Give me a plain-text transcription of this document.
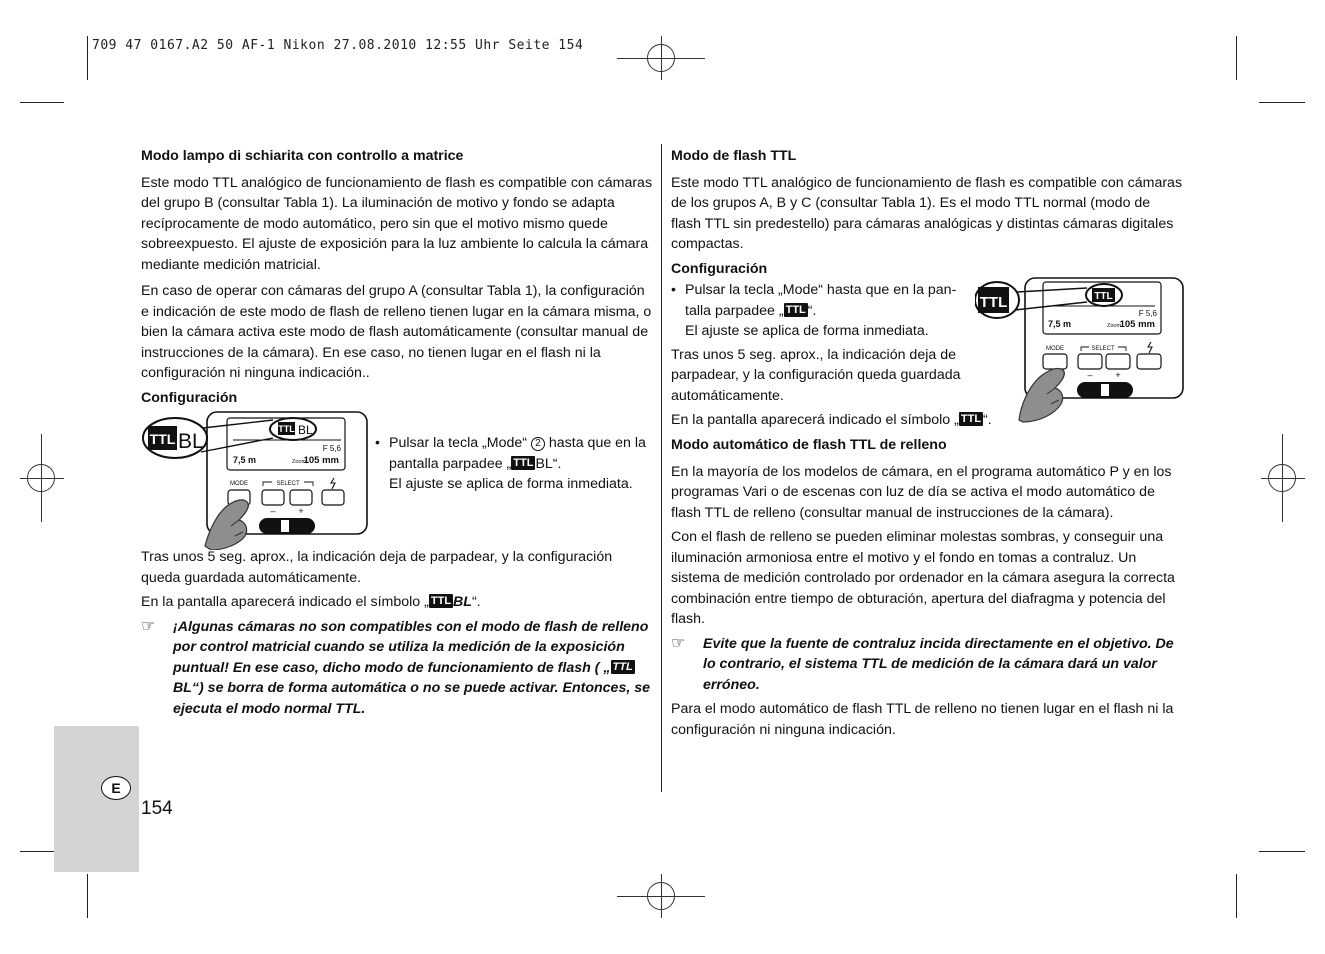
709 47 0167.A2 50 AF-1 Nikon 27.08.2010 12:55 Uhr Seite 154
E
154
Modo lampo di schiarita con controllo a matrice
Este modo TTL analógico de funcionamiento de flash es compatible con cámaras del grupo B (consultar Tabla 1). La iluminación de motivo y fondo se adapta recíprocamente de modo automático, pero sin que el motivo mismo quede sobreexpuesto. El ajuste de exposición para la luz ambiente lo calcula la cámara mediante medición matricial.
En caso de operar con cámaras del grupo A (consultar Tabla 1), la configuración e indicación de este modo de flash de relleno tienen lugar en la cámara misma, o bien la cámara activa este modo de flash automáticamente (consultar manual de instrucciones de la cámara). En ese caso, no tienen lugar en el flash ni la configuración ni ninguna indicación..
Configuración
TTL BL
F 5,6
7,5 m	Zoom
105 mm
MODE	SELECT
–	+
TTL BL	• Pulsar la tecla „Mode“ 2 hasta que en la pantalla parpadee „ TTL BL“.
El ajuste se aplica de forma inmediata.
Tras unos 5 seg. aprox., la indicación deja de parpadear, y la configuración queda guardada automáticamente.
En la pantalla aparecerá indicado el símbolo „ TTL BL“.
☞	¡Algunas cámaras no son compatibles con el modo de flash de relleno por control matricial cuando se utiliza la medición de la exposición puntual! En ese caso, dicho modo de funcionamiento de flash ( „ TTLBL“) se borra de forma automática o no se puede activar. Entonces, se ejecuta el modo normal TTL.
Modo de flash TTL
Este modo TTL analógico de funcionamiento de flash es compatible con cámaras de los grupos A, B y C (consultar Tabla 1). Es el modo TTL normal (modo de flash TTL sin predestello) para cámaras analógicas y distintas cámaras digitales compactas.
Configuración
• Pulsar la tecla „Mode“ hasta que en la pan-
talla parpadee „ TTL “.
El ajuste se aplica de forma inmediata.
Tras unos 5 seg. aprox., la indicación deja de parpadear, y la configuración queda guardada automáticamente.
En la pantalla aparecerá indicado el símbolo „ TTL “.
TTL
F 5,6
7,5 m	Zoom
105 mm
MODE	SELECT
–	+
TTL
Modo automático de flash TTL de relleno
En la mayoría de los modelos de cámara, en el programa automático P y en los programas Vari o de escenas con luz de día se activa el modo automático de flash TTL de relleno (consultar manual de instrucciones de la cámara).
Con el flash de relleno se pueden eliminar molestas sombras, y conseguir una iluminación armoniosa entre el motivo y el fondo en tomas a contraluz. Un sistema de medición controlado por ordenador en la cámara asegura la correcta combinación entre tiempo de obturación, apertura del diafragma y potencia del flash.
☞	Evite que la fuente de contraluz incida directamente en el objetivo. De lo contrario, el sistema TTL de medición de la cámara dará un valor erróneo.
Para el modo automático de flash TTL de relleno no tienen lugar en el flash ni la configuración ni ninguna indicación.
